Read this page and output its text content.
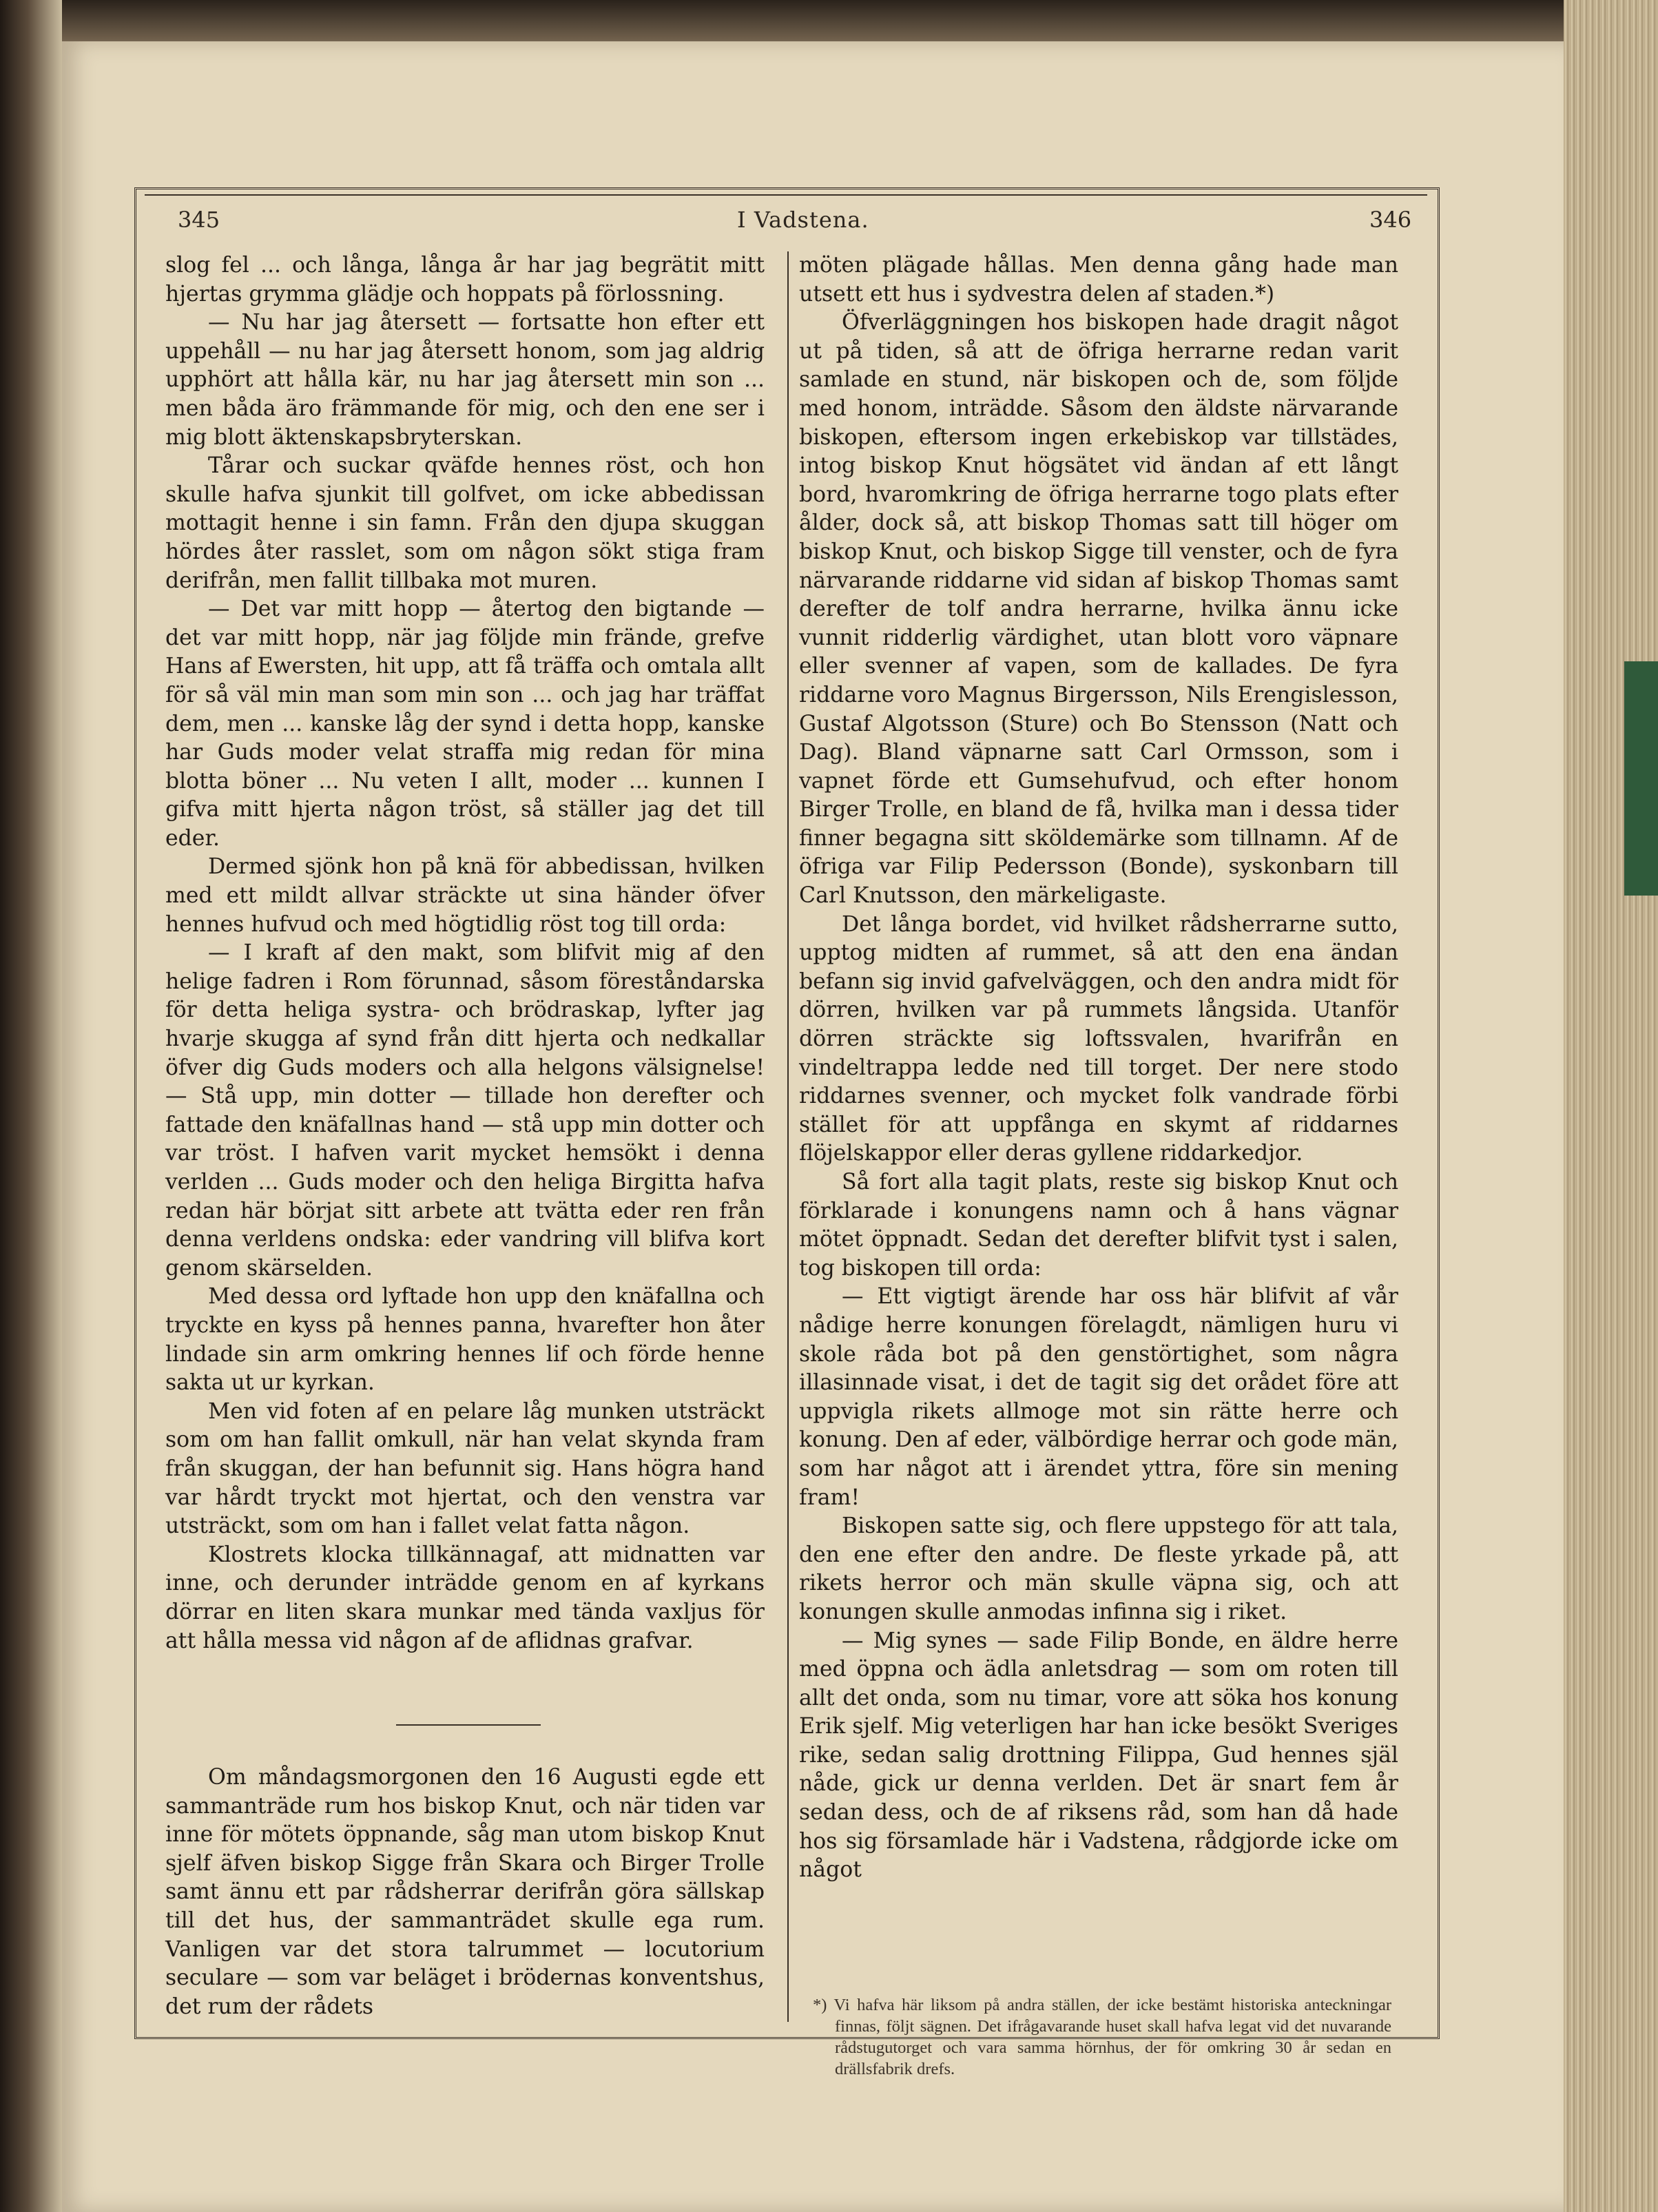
345	I Vadstena.	346

slog fel ... och långa, långa år har jag begrätit mitt hjertas grymma glädje och hoppats på förlossning.

— Nu har jag återsett — fortsatte hon efter ett uppehåll — nu har jag återsett honom, som jag aldrig upphört att hålla kär, nu har jag återsett min son ... men båda äro främmande för mig, och den ene ser i mig blott äktenskapsbryterskan.

Tårar och suckar qväfde hennes röst, och hon skulle hafva sjunkit till golfvet, om icke abbedissan mottagit henne i sin famn. Från den djupa skuggan hördes åter rasslet, som om någon sökt stiga fram derifrån, men fallit tillbaka mot muren.

— Det var mitt hopp — återtog den bigtande — det var mitt hopp, när jag följde min frände, grefve Hans af Ewersten, hit upp, att få träffa och omtala allt för så väl min man som min son ... och jag har träffat dem, men ... kanske låg der synd i detta hopp, kanske har Guds moder velat straffa mig redan för mina blotta böner ... Nu veten I allt, moder ... kunnen I gifva mitt hjerta någon tröst, så ställer jag det till eder.

Dermed sjönk hon på knä för abbedissan, hvilken med ett mildt allvar sträckte ut sina händer öfver hennes hufvud och med högtidlig röst tog till orda:

— I kraft af den makt, som blifvit mig af den helige fadren i Rom förunnad, såsom föreståndarska för detta heliga systra- och brödraskap, lyfter jag hvarje skugga af synd från ditt hjerta och nedkallar öfver dig Guds moders och alla helgons välsignelse! — Stå upp, min dotter — tillade hon derefter och fattade den knäfallnas hand — stå upp min dotter och var tröst. I hafven varit mycket hemsökt i denna verlden ... Guds moder och den heliga Birgitta hafva redan här börjat sitt arbete att tvätta eder ren från denna verldens ondska: eder vandring vill blifva kort genom skärselden.

Med dessa ord lyftade hon upp den knäfallna och tryckte en kyss på hennes panna, hvarefter hon åter lindade sin arm omkring hennes lif och förde henne sakta ut ur kyrkan.

Men vid foten af en pelare låg munken utsträckt som om han fallit omkull, när han velat skynda fram från skuggan, der han befunnit sig. Hans högra hand var hårdt tryckt mot hjertat, och den venstra var utsträckt, som om han i fallet velat fatta någon.

Klostrets klocka tillkännagaf, att midnatten var inne, och derunder inträdde genom en af kyrkans dörrar en liten skara munkar med tända vaxljus för att hålla messa vid någon af de aflidnas grafvar.

Om måndagsmorgonen den 16 Augusti egde ett sammanträde rum hos biskop Knut, och när tiden var inne för mötets öppnande, såg man utom biskop Knut sjelf äfven biskop Sigge från Skara och Birger Trolle samt ännu ett par rådsherrar derifrån göra sällskap till det hus, der sammanträdet skulle ega rum. Vanligen var det stora talrummet — locutorium seculare — som var beläget i brödernas konventshus, det rum der rådets

möten plägade hållas. Men denna gång hade man utsett ett hus i sydvestra delen af staden.*)

Öfverläggningen hos biskopen hade dragit något ut på tiden, så att de öfriga herrarne redan varit samlade en stund, när biskopen och de, som följde med honom, inträdde. Såsom den äldste närvarande biskopen, eftersom ingen erkebiskop var tillstädes, intog biskop Knut högsätet vid ändan af ett långt bord, hvaromkring de öfriga herrarne togo plats efter ålder, dock så, att biskop Thomas satt till höger om biskop Knut, och biskop Sigge till venster, och de fyra närvarande riddarne vid sidan af biskop Thomas samt derefter de tolf andra herrarne, hvilka ännu icke vunnit ridderlig värdighet, utan blott voro väpnare eller svenner af vapen, som de kallades. De fyra riddarne voro Magnus Birgersson, Nils Erengislesson, Gustaf Algotsson (Sture) och Bo Stensson (Natt och Dag). Bland väpnarne satt Carl Ormsson, som i vapnet förde ett Gumsehufvud, och efter honom Birger Trolle, en bland de få, hvilka man i dessa tider finner begagna sitt sköldemärke som tillnamn. Af de öfriga var Filip Pedersson (Bonde), syskonbarn till Carl Knutsson, den märkeligaste.

Det långa bordet, vid hvilket rådsherrarne sutto, upptog midten af rummet, så att den ena ändan befann sig invid gafvelväggen, och den andra midt för dörren, hvilken var på rummets långsida. Utanför dörren sträckte sig loftssvalen, hvarifrån en vindeltrappa ledde ned till torget. Der nere stodo riddarnes svenner, och mycket folk vandrade förbi stället för att uppfånga en skymt af riddarnes flöjelskappor eller deras gyllene riddarkedjor.

Så fort alla tagit plats, reste sig biskop Knut och förklarade i konungens namn och å hans vägnar mötet öppnadt. Sedan det derefter blifvit tyst i salen, tog biskopen till orda:

— Ett vigtigt ärende har oss här blifvit af vår nådige herre konungen förelagdt, nämligen huru vi skole råda bot på den genstörtighet, som några illasinnade visat, i det de tagit sig det orådet före att uppvigla rikets allmoge mot sin rätte herre och konung. Den af eder, välbördige herrar och gode män, som har något att i ärendet yttra, före sin mening fram!

Biskopen satte sig, och flere uppstego för att tala, den ene efter den andre. De fleste yrkade på, att rikets herror och män skulle väpna sig, och att konungen skulle anmodas infinna sig i riket.

— Mig synes — sade Filip Bonde, en äldre herre med öppna och ädla anletsdrag — som om roten till allt det onda, som nu timar, vore att söka hos konung Erik sjelf. Mig veterligen har han icke besökt Sveriges rike, sedan salig drottning Filippa, Gud hennes själ nåde, gick ur denna verlden. Det är snart fem år sedan dess, och de af riksens råd, som han då hade hos sig församlade här i Vadstena, rådgjorde icke om något

*) Vi hafva här liksom på andra ställen, der icke bestämt historiska anteckningar finnas, följt sägnen. Det ifrågavarande huset skall hafva legat vid det nuvarande rådstugutorget och vara samma hörnhus, der för omkring 30 år sedan en drällsfabrik drefs.
